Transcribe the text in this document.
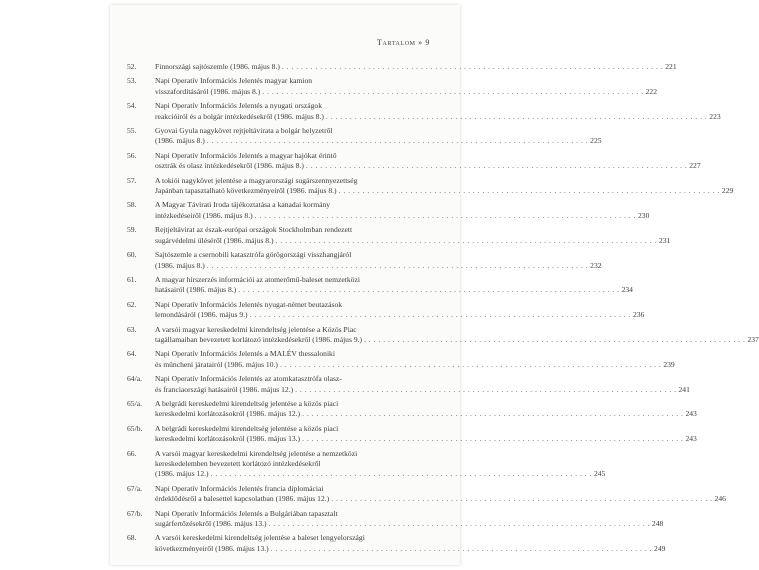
Tartalom » 9
52.	Finnországi sajtószemle (1986. május 8.) . . . . . . . . . . . . . . . . . . . . . . . . . . . . . . . . . . . . . . . . . . . . . . . . . . . . . . . . . . . . . . . . . . . . . . . . . . . . . . . . 221
53.	Napi Operatív Információs Jelentés magyar kamion
visszafordításáról (1986. május 8.) . . . . . . . . . . . . . . . . . . . . . . . . . . . . . . . . . . . . . . . . . . . . . . . . . . . . . . . . . . . . . . . . . . . . . . . . . . . . . . . . 222
54.	Napi Operatív Információs Jelentés a nyugati országok
reakcióiról és a bolgár intézkedésekről (1986. május 8.) . . . . . . . . . . . . . . . . . . . . . . . . . . . . . . . . . . . . . . . . . . . . . . . . . . . . . . . . . . . . . . . . . . . . . . . . . . . . . . . . 223
55.	Gyovai Gyula nagykövet rejtjeltávirata a bolgár helyzetről
(1986. május 8.) . . . . . . . . . . . . . . . . . . . . . . . . . . . . . . . . . . . . . . . . . . . . . . . . . . . . . . . . . . . . . . . . . . . . . . . . . . . . . . . . 225
56.	Napi Operatív Információs Jelentés a magyar hajókat érintő
osztrák és olasz intézkedésekről (1986. május 8.) . . . . . . . . . . . . . . . . . . . . . . . . . . . . . . . . . . . . . . . . . . . . . . . . . . . . . . . . . . . . . . . . . . . . . . . . . . . . . . . . 227
57.	A tokiói nagykövet jelentése a magyarországi sugárszennyezettség
Japánban tapasztalható következményeiről (1986. május 8.) . . . . . . . . . . . . . . . . . . . . . . . . . . . . . . . . . . . . . . . . . . . . . . . . . . . . . . . . . . . . . . . . . . . . . . . . . . . . . . . . 229
58.	A Magyar Távirati Iroda tájékoztatása a kanadai kormány
intézkedéseiről (1986. május 8.) . . . . . . . . . . . . . . . . . . . . . . . . . . . . . . . . . . . . . . . . . . . . . . . . . . . . . . . . . . . . . . . . . . . . . . . . . . . . . . . . 230
59.	Rejtjeltávirat az észak-európai országok Stockholmban rendezett
sugárvédelmi üléséről (1986. május 8.) . . . . . . . . . . . . . . . . . . . . . . . . . . . . . . . . . . . . . . . . . . . . . . . . . . . . . . . . . . . . . . . . . . . . . . . . . . . . . . . . 231
60.	Sajtószemle a csernobili katasztrófa görögországi visszhangjáról
(1986. május 8.) . . . . . . . . . . . . . . . . . . . . . . . . . . . . . . . . . . . . . . . . . . . . . . . . . . . . . . . . . . . . . . . . . . . . . . . . . . . . . . . . 232
61.	A magyar hírszerzés információi az atomerőmű-baleset nemzetközi
hatásairól (1986. május 8.) . . . . . . . . . . . . . . . . . . . . . . . . . . . . . . . . . . . . . . . . . . . . . . . . . . . . . . . . . . . . . . . . . . . . . . . . . . . . . . . . 234
62.	Napi Operatív Információs Jelentés nyugat-német beutazások
lemondásáról (1986. május 9.) . . . . . . . . . . . . . . . . . . . . . . . . . . . . . . . . . . . . . . . . . . . . . . . . . . . . . . . . . . . . . . . . . . . . . . . . . . . . . . . . 236
63.	A varsói magyar kereskedelmi kirendeltség jelentése a Közös Piac
tagállamaiban bevezetett korlátozó intézkedésekről (1986. május 9.) . . . . . . . . . . . . . . . . . . . . . . . . . . . . . . . . . . . . . . . . . . . . . . . . . . . . . . . . . . . . . . . . . . . . . . . . . . . . . . . . 237
64.	Napi Operatív Információs Jelentés a MALÉV thessaloniki
és müncheni járatairól (1986. május 10.) . . . . . . . . . . . . . . . . . . . . . . . . . . . . . . . . . . . . . . . . . . . . . . . . . . . . . . . . . . . . . . . . . . . . . . . . . . . . . . . . 239
64/a.	Napi Operatív Információs Jelentés az atomkatasztrófa olasz-
és franciaországi hatásairól (1986. május 12.) . . . . . . . . . . . . . . . . . . . . . . . . . . . . . . . . . . . . . . . . . . . . . . . . . . . . . . . . . . . . . . . . . . . . . . . . . . . . . . . . 241
65/a.	A belgrádi kereskedelmi kirendeltség jelentése a közös piaci
kereskedelmi korlátozásokról (1986. május 12.) . . . . . . . . . . . . . . . . . . . . . . . . . . . . . . . . . . . . . . . . . . . . . . . . . . . . . . . . . . . . . . . . . . . . . . . . . . . . . . . . 243
65/b.	A belgrádi kereskedelmi kirendeltség jelentése a közös piaci
kereskedelmi korlátozásokról (1986. május 13.) . . . . . . . . . . . . . . . . . . . . . . . . . . . . . . . . . . . . . . . . . . . . . . . . . . . . . . . . . . . . . . . . . . . . . . . . . . . . . . . . 243
66.	A varsói magyar kereskedelmi kirendeltség jelentése a nemzetközi
kereskedelemben bevezetett korlátozó intézkedésekről
(1986. május 12.) . . . . . . . . . . . . . . . . . . . . . . . . . . . . . . . . . . . . . . . . . . . . . . . . . . . . . . . . . . . . . . . . . . . . . . . . . . . . . . . . 245
67/a.	Napi Operatív Információs Jelentés francia diplomáciai
érdeklődésről a balesettel kapcsolatban (1986. május 12.) . . . . . . . . . . . . . . . . . . . . . . . . . . . . . . . . . . . . . . . . . . . . . . . . . . . . . . . . . . . . . . . . . . . . . . . . . . . . . . . . 246
67/b.	Napi Operatív Információs Jelentés a Bulgáriában tapasztalt
sugárfertőzésekről (1986. május 13.) . . . . . . . . . . . . . . . . . . . . . . . . . . . . . . . . . . . . . . . . . . . . . . . . . . . . . . . . . . . . . . . . . . . . . . . . . . . . . . . . 248
68.	A varsói kereskedelmi kirendeltség jelentése a baleset lengyelországi
következményeiről (1986. május 13.) . . . . . . . . . . . . . . . . . . . . . . . . . . . . . . . . . . . . . . . . . . . . . . . . . . . . . . . . . . . . . . . . . . . . . . . . . . . . . . . . 249
